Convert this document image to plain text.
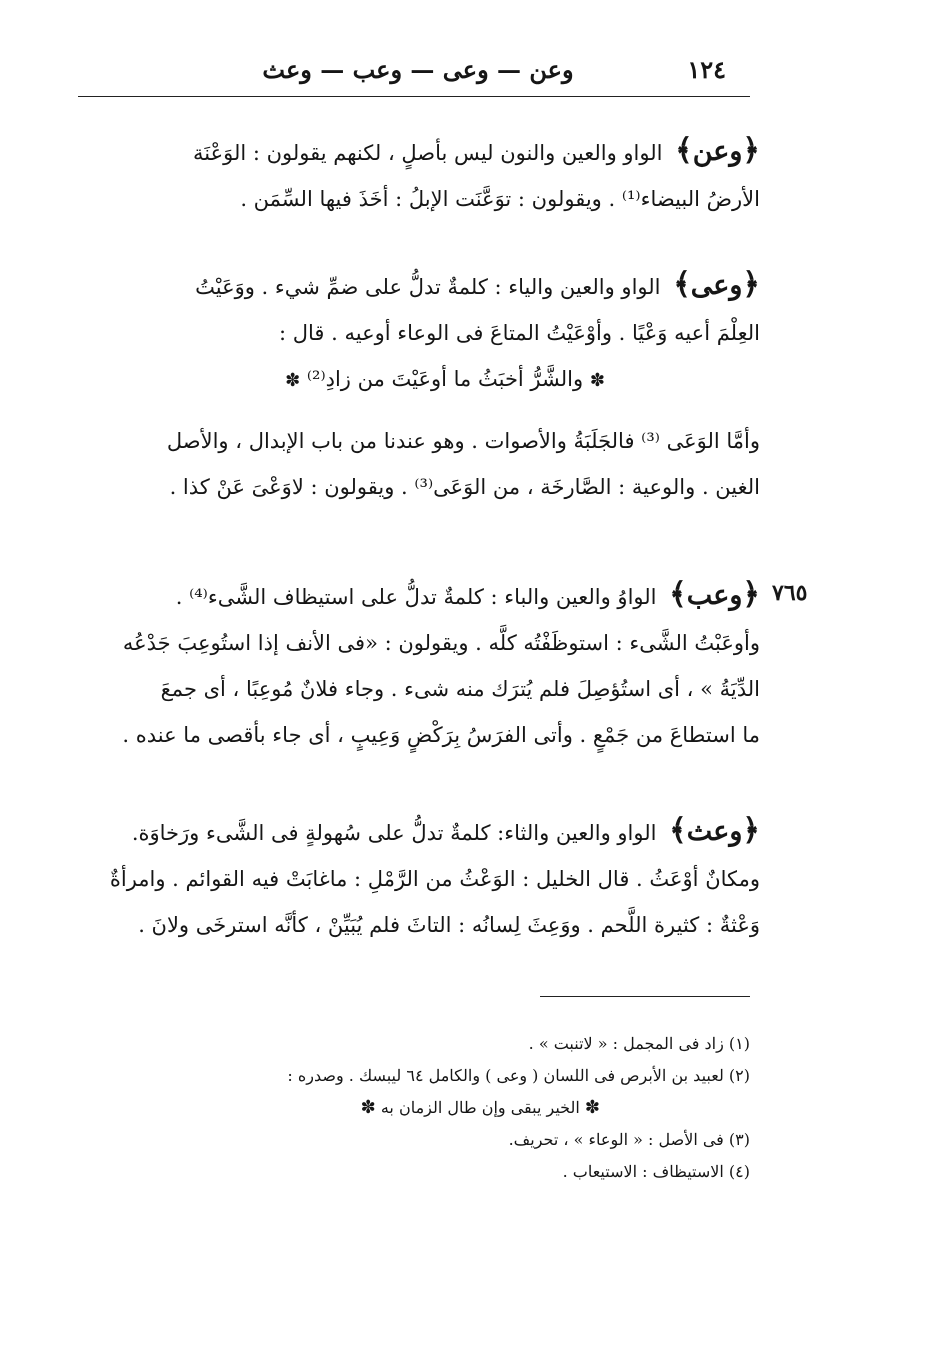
١٢٤
وعن — وعى — وعب — وعث

﴿وعن﴾ الواو والعين والنون ليس بأصلٍ ، لكنهم يقولون : الوَعْنَة

الأرضُ البيضاء⁽¹⁾ . ويقولون : توَعَّنَت الإبلُ : أخَذَ فيها السِّمَن .

﴿وعى﴾ الواو والعين والياء : كلمةٌ تدلُّ على ضمِّ شيء . ووَعَيْتُ

العِلْمَ أعيه وَعْيًا . وأوْعَيْتُ المتاعَ فى الوعاء أوعيه . قال :

✽ والشَّرُّ أخبَثُ ما أوعَيْتَ من زادِ⁽²⁾ ✽

وأمَّا الوَعَى ⁽³⁾ فالجَلَبَةُ والأصوات . وهو عندنا من باب الإبدال ، والأصل

الغين . والوعية : الصَّارخَة ، من الوَعَى⁽³⁾ . ويقولون : لاوَعْىَ عَنْ كذا .

٧٦٥

﴿وعب﴾ الواوُ والعين والباء : كلمةٌ تدلُّ على استيظاف الشَّىء⁽⁴⁾ .

وأوعَبْتُ الشَّىء : استوظَفْتُه كلَّه . ويقولون : «فى الأنف إذا استُوعِبَ جَدْعُه

الدِّيَةُ » ، أى استُؤصِلَ فلم يُترَك منه شىء . وجاء فلانٌ مُوعِبًا ، أى جمعَ

ما استطاعَ من جَمْعٍ . وأتى الفرَسُ بِرَكْضٍ وَعِيبٍ ، أى جاء بأقصى ما عنده .

﴿وعث﴾ الواو والعين والثاء: كلمةٌ تدلُّ على سُهولةٍ فى الشَّىء ورَخاوَة.

ومكانٌ أوْعَثُ . قال الخليل : الوَعْثُ من الرَّمْلِ : ماغابَتْ فيه القوائم . وامرأةٌ

وَعْثةٌ : كثيرة اللَّحم . ووَعِثَ لِسانُه : التاثَ فلم يُبَيِّنْ ، كأنَّه استرخَى ولانَ .

(١) زاد فى المجمل : « لاتنبت » .

(٢) لعبيد بن الأبرص فى اللسان ( وعى ) والكامل ٦٤ ليبسك . وصدره :

✽ الخير يبقى وإن طال الزمان به ✽

(٣) فى الأصل : « الوعاء » ، تحريف.

(٤) الاستيظاف : الاستيعاب .
